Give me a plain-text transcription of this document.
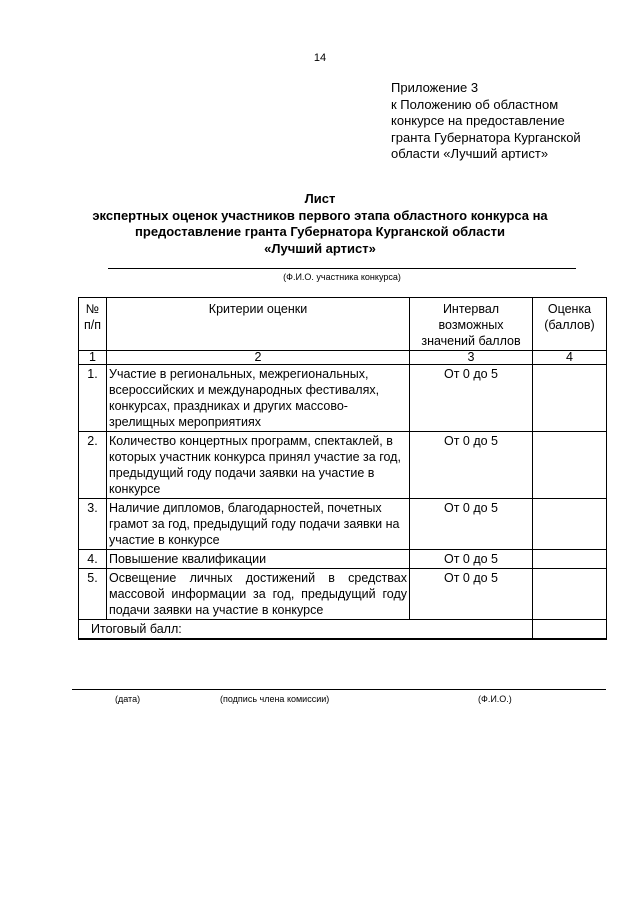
14
Приложение 3
к Положению об областном
конкурсе на предоставление
гранта Губернатора Курганской
области «Лучший артист»
Лист
экспертных оценок участников первого этапа областного конкурса на
предоставление гранта Губернатора Курганской области
«Лучший артист»
(Ф.И.О. участника конкурса)
№ п/п	Критерии оценки	Интервал возможных значений баллов	Оценка (баллов)
1	2	3	4
1.	Участие в региональных, межрегиональных, всероссийских и международных фестивалях, конкурсах, праздниках и других массово-зрелищных мероприятиях	От 0 до 5	
2.	Количество концертных программ, спектаклей, в которых участник конкурса принял участие за год, предыдущий году подачи заявки на участие в конкурсе	От 0 до 5	
3.	Наличие дипломов, благодарностей, почетных грамот за год, предыдущий году подачи заявки на участие в конкурсе	От 0 до 5	
4.	Повышение квалификации	От 0 до 5	
5.	Освещение личных достижений в средствах массовой информации за год, предыдущий году подачи заявки на участие в конкурсе	От 0 до 5	
Итоговый балл:			
(дата)	(подпись члена комиссии)	(Ф.И.О.)
